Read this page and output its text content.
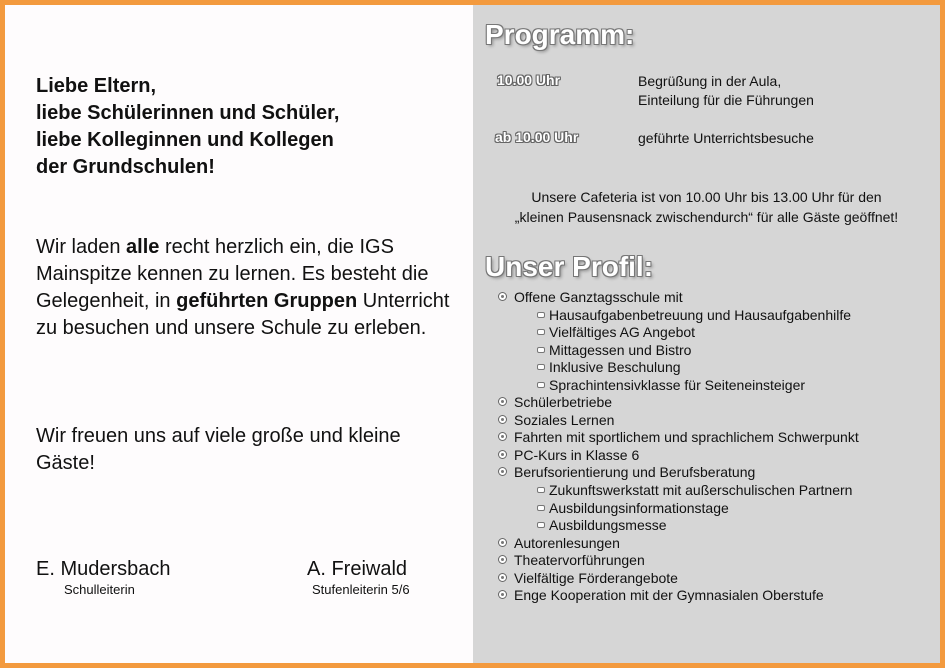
Liebe Eltern,
liebe Schülerinnen und Schüler,
liebe Kolleginnen und Kollegen
der Grundschulen!
Wir laden alle recht herzlich ein, die IGS Mainspitze kennen zu lernen. Es besteht die Gelegenheit, in geführten Gruppen Unterricht zu besuchen und unsere Schule zu erleben.
Wir freuen uns auf viele große und kleine Gäste!
E. Mudersbach
Schulleiterin
A. Freiwald
Stufenleiterin 5/6
Programm:
10.00 Uhr	Begrüßung in der Aula,
Einteilung für die Führungen
ab 10.00 Uhr	geführte Unterrichtsbesuche
Unsere Cafeteria ist von 10.00 Uhr bis 13.00 Uhr für den
„kleinen Pausensnack zwischendurch“ für alle Gäste geöffnet!
Unser Profil:
Offene Ganztagsschule mit
Hausaufgabenbetreuung und Hausaufgabenhilfe
Vielfältiges AG Angebot
Mittagessen und Bistro
Inklusive Beschulung
Sprachintensivklasse für Seiteneinsteiger
Schülerbetriebe
Soziales Lernen
Fahrten mit sportlichem und sprachlichem Schwerpunkt
PC-Kurs in Klasse 6
Berufsorientierung und Berufsberatung
Zukunftswerkstatt mit außerschulischen Partnern
Ausbildungsinformationstage
Ausbildungsmesse
Autorenlesungen
Theatervorführungen
Vielfältige Förderangebote
Enge Kooperation mit der Gymnasialen Oberstufe
